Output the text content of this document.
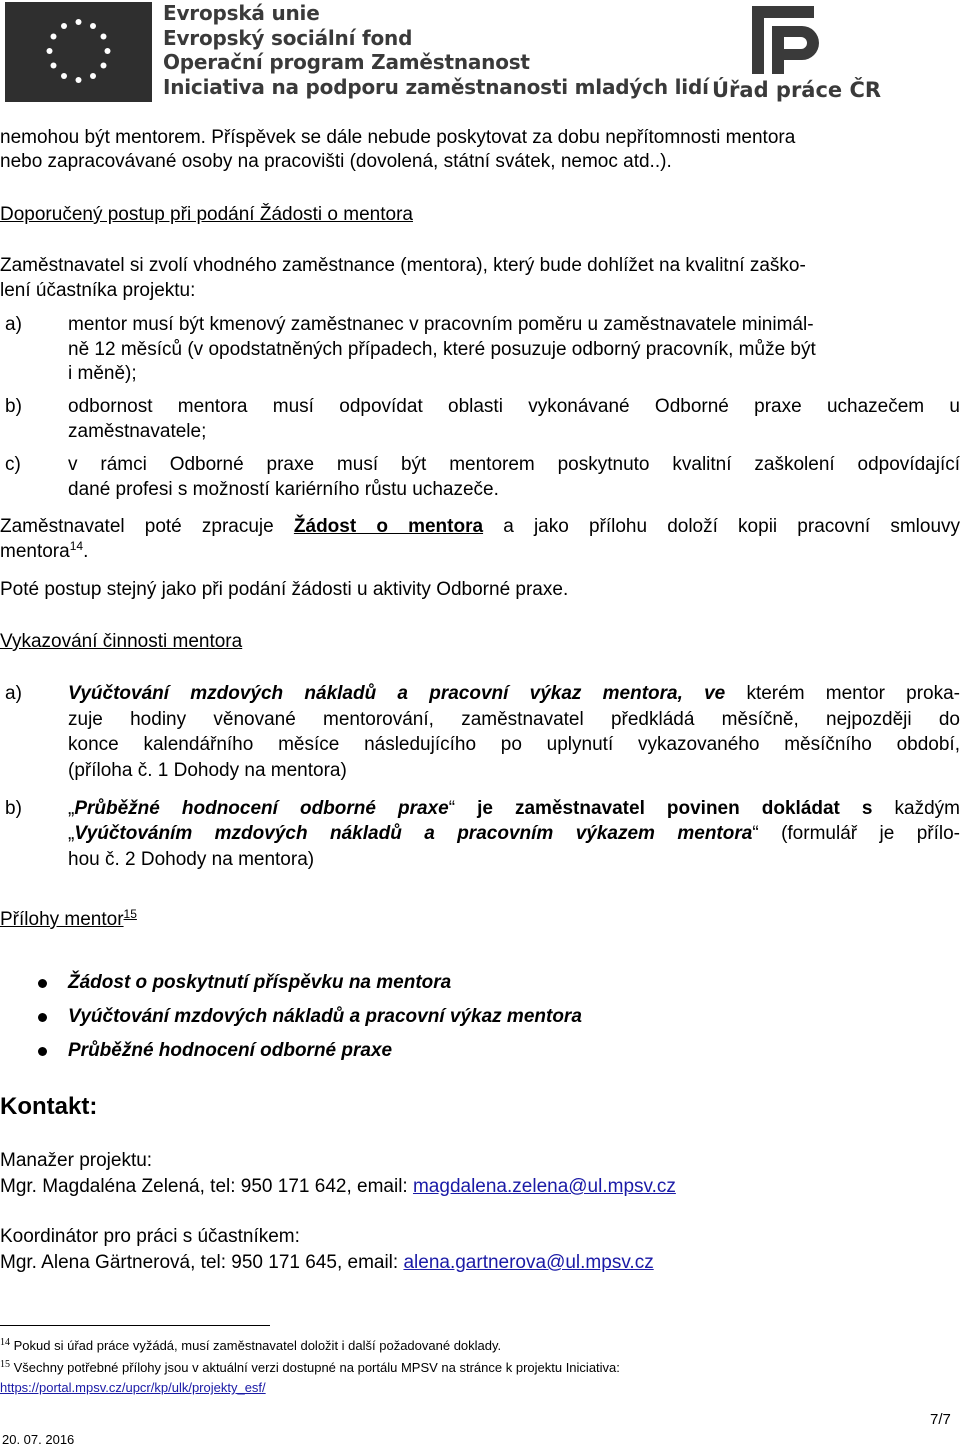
Evropská unie
Evropský sociální fond
Operační program Zaměstnanost
Iniciativa na podporu zaměstnanosti mladých lidí Úřad práce ČR
nemohou být mentorem. Příspěvek se dále nebude poskytovat za dobu nepřítomnosti mentora
nebo zapracovávané osoby na pracovišti (dovolená, státní svátek, nemoc atd..).
Doporučený postup při podání Žádosti o mentora
Zaměstnavatel si zvolí vhodného zaměstnance (mentora), který bude dohlížet na kvalitní zaško-
lení účastníka projektu:
a) mentor musí být kmenový zaměstnanec v pracovním poměru u zaměstnavatele minimál-
ně 12 měsíců (v opodstatněných případech, které posuzuje odborný pracovník, může být
i měně);
b) odbornost mentora musí odpovídat oblasti vykonávané Odborné praxe uchazečem u
zaměstnavatele;
c) v rámci Odborné praxe musí být mentorem poskytnuto kvalitní zaškolení odpovídající
dané profesi s možností kariérního růstu uchazeče.
Zaměstnavatel poté zpracuje Žádost o mentora a jako přílohu doloží kopii pracovní smlouvy
mentora$^{14}$.
Poté postup stejný jako při podání žádosti u aktivity Odborné praxe.
Vykazování činnosti mentora
a) Vyúčtování mzdových nákladů a pracovní výkaz mentora, ve kterém mentor proka-
zuje hodiny věnované mentorování, zaměstnavatel předkládá měsíčně, nejpozději do
konce kalendářního měsíce následujícího po uplynutí vykazovaného měsíčního období,
(příloha č. 1 Dohody na mentora)
b) „Průběžné hodnocení odborné praxe“ je zaměstnavatel povinen dokládat s každým
„Vyúčtováním mzdových nákladů a pracovním výkazem mentora“ (formulář je přílo-
hou č. 2 Dohody na mentora)
Přílohy mentor$^{15}$
Žádost o poskytnutí příspěvku na mentora
Vyúčtování mzdových nákladů a pracovní výkaz mentora
Průběžné hodnocení odborné praxe
Kontakt:
Manažer projektu:
Mgr. Magdaléna Zelená, tel: 950 171 642, email: magdalena.zelena@ul.mpsv.cz
Koordinátor pro práci s účastníkem:
Mgr. Alena Gärtnerová, tel: 950 171 645, email: alena.gartnerova@ul.mpsv.cz
$^{14}$ Pokud si úřad práce vyžádá, musí zaměstnavatel doložit i další požadované doklady.
$^{15}$ Všechny potřebné přílohy jsou v aktuální verzi dostupné na portálu MPSV na stránce k projektu Iniciativa:
https://portal.mpsv.cz/upcr/kp/ulk/projekty_esf/
20. 07. 2016
7/7
